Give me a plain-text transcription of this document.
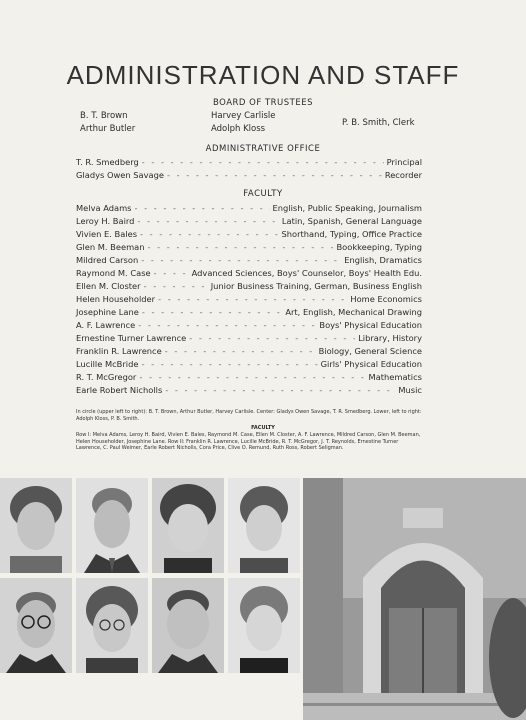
ADMINISTRATION AND STAFF
BOARD OF TRUSTEES
B. T. Brown
Arthur Butler
Harvey Carlisle
Adolph Kloss
P. B. Smith, Clerk
ADMINISTRATIVE OFFICE
T. R. Smedberg - - -	Principal
Gladys Owen Savage - - -	Recorder
FACULTY
Melva Adams - - -	English, Public Speaking, Journalism
Leroy H. Baird - - -	Latin, Spanish, General Language
Vivien E. Bales - - -	Shorthand, Typing, Office Practice
Glen M. Beeman - - -	Bookkeeping, Typing
Mildred Carson - - -	English, Dramatics
Raymond M. Case - - -	Advanced Sciences, Boys' Counselor, Boys' Health Edu.
Ellen M. Closter - - -	Junior Business Training, German, Business English
Helen Householder - - -	Home Economics
Josephine Lane - - -	Art, English, Mechanical Drawing
A. F. Lawrence - - -	Boys' Physical Education
Ernestine Turner Lawrence - - -	Library, History
Franklin R. Lawrence - - -	Biology, General Science
Lucille McBride - - -	Girls' Physical Education
R. T. McGregor - - -	Mathematics
Earle Robert Nicholls - - -	Music
In circle (upper left to right): B. T. Brown, Arthur Butler, Harvey Carlisle. Center: Gladys Owen Savage, T. R. Smedberg. Lower, left to right: Adolph Kloss, P. B. Smith.
FACULTY
Row I: Melva Adams, Leroy H. Baird, Vivien E. Bales, Raymond M. Case, Ellen M. Closter, A. F. Lawrence, Mildred Carson, Glen M. Beeman, Helen Householder, Josephine Lane. Row II: Franklin R. Lawrence, Lucille McBride, R. T. McGregor, J. T. Reynolds, Ernestine Turner Lawrence, C. Paul Weimer, Earle Robert Nicholls, Cora Price, Clive O. Remund, Ruth Ross, Robert Seligman.
